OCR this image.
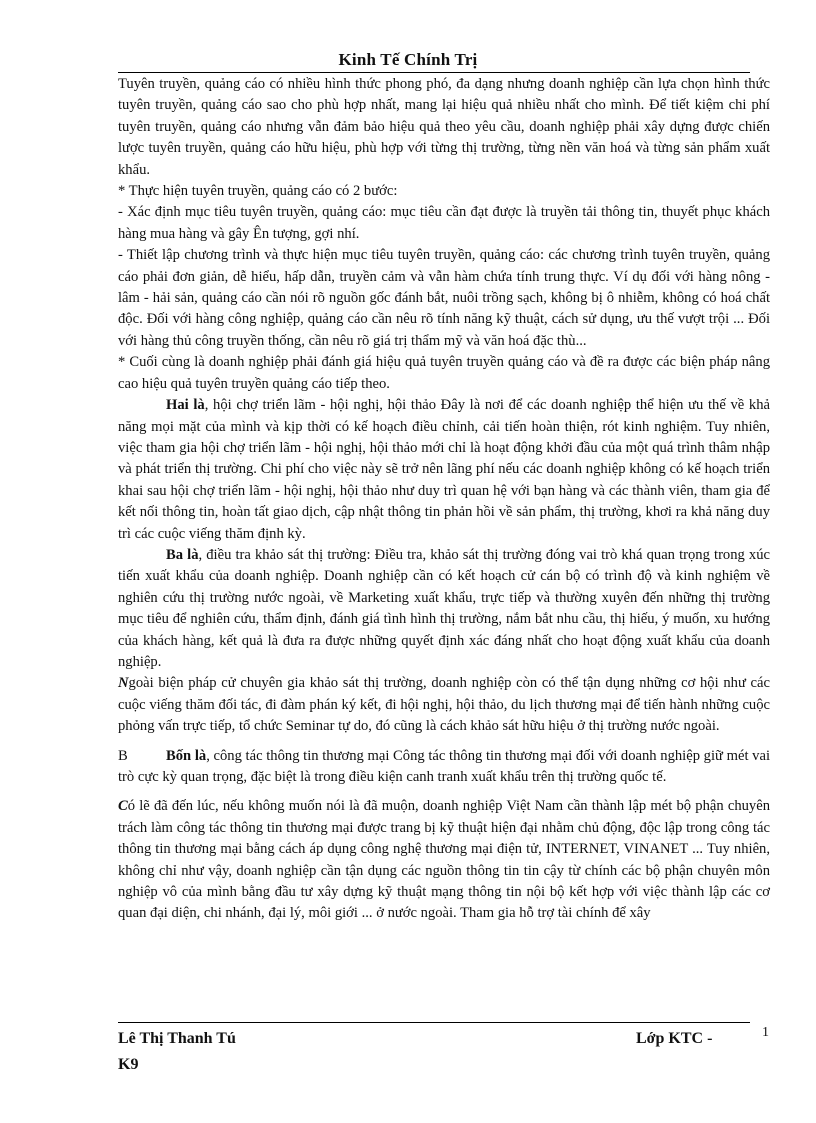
Kinh Tế Chính Trị

Tuyên truyền, quảng cáo có nhiều hình thức phong phó, đa dạng nhưng doanh nghiệp cần lựa chọn hình thức tuyên truyền, quảng cáo sao cho phù hợp nhất, mang lại hiệu quả nhiều nhất cho mình. Để tiết kiệm chi phí tuyên truyền, quảng cáo nhưng vẫn đảm bảo hiệu quả theo yêu cầu, doanh nghiệp phải xây dựng được chiến lược tuyên truyền, quảng cáo hữu hiệu, phù hợp với từng thị trường, từng nền văn hoá và từng sản phẩm xuất khẩu.

* Thực hiện tuyên truyền, quảng cáo có 2 bước:

- Xác định mục tiêu tuyên truyền, quảng cáo: mục tiêu cần đạt được là truyền tải thông tin, thuyết phục khách hàng mua hàng và gây Ên tượng, gợi nhí.

- Thiết lập chương trình và thực hiện mục tiêu tuyên truyền, quảng cáo: các chương trình tuyên truyền, quảng cáo phải đơn giản, dễ hiểu, hấp dẫn, truyền cảm và vẫn hàm chứa tính trung thực. Ví dụ đối với hàng nông - lâm - hải sản, quảng cáo cần nói rõ nguồn gốc đánh bắt, nuôi trồng sạch, không bị ô nhiễm, không có hoá chất độc. Đối với hàng công nghiệp, quảng cáo cần nêu rõ tính năng kỹ thuật, cách sử dụng, ưu thế vượt trội ... Đối với hàng thủ công truyền thống, cần nêu rõ giá trị thẩm mỹ và văn hoá đặc thù...

* Cuối cùng là doanh nghiệp phải đánh giá hiệu quả tuyên truyền quảng cáo và đề ra được các biện pháp nâng cao hiệu quả tuyên truyền quảng cáo tiếp theo.

Hai là, hội chợ triển lãm - hội nghị, hội thảo Đây là nơi để các doanh nghiệp thể hiện ưu thế về khả năng mọi mặt của mình và kịp thời có kế hoạch điều chỉnh, cải tiến hoàn thiện, rót kinh nghiệm. Tuy nhiên, việc tham gia hội chợ triển lãm - hội nghị, hội thảo mới chỉ là hoạt động khởi đầu của một quá trình thâm nhập và phát triển thị trường. Chi phí cho việc này sẽ trở nên lãng phí nếu các doanh nghiệp không có kế hoạch triển khai sau hội chợ triển lãm - hội nghị, hội thảo như duy trì quan hệ với bạn hàng và các thành viên, tham gia để kết nối thông tin, hoàn tất giao dịch, cập nhật thông tin phản hồi về sản phẩm, thị trường, khơi ra khả năng duy trì các cuộc viếng thăm định kỳ.

Ba là, điều tra khảo sát thị trường: Điều tra, khảo sát thị trường đóng vai trò khá quan trọng trong xúc tiến xuất khẩu của doanh nghiệp. Doanh nghiệp cần có kết hoạch cử cán bộ có trình độ và kinh nghiệm về nghiên cứu thị trường nước ngoài, về Marketing xuất khẩu, trực tiếp và thường xuyên đến những thị trường mục tiêu để nghiên cứu, thẩm định, đánh giá tình hình thị trường, nắm bắt nhu cầu, thị hiếu, ý muốn, xu hướng của khách hàng, kết quả là đưa ra được những quyết định xác đáng nhất cho hoạt động xuất khẩu của doanh nghiệp.

Ngoài biện pháp cử chuyên gia khảo sát thị trường, doanh nghiệp còn có thể tận dụng những cơ hội như các cuộc viếng thăm đối tác, đi đàm phán ký kết, đi hội nghị, hội thảo, du lịch thương mại để tiến hành những cuộc phỏng vấn trực tiếp, tổ chức Seminar tự do, đó cũng là cách khảo sát hữu hiệu ở thị trường nước ngoài.

B	Bốn là, công tác thông tin thương mại Công tác thông tin thương mại đối với doanh nghiệp giữ mét vai trò cực kỳ quan trọng, đặc biệt là trong điều kiện canh tranh xuất khẩu trên thị trường quốc tế.

Có lẽ đã đến lúc, nếu không muốn nói là đã muộn, doanh nghiệp Việt Nam cần thành lập mét bộ phận chuyên trách làm công tác thông tin thương mại được trang bị kỹ thuật hiện đại nhằm chủ động, độc lập trong công tác thông tin thương mại bằng cách áp dụng công nghệ thương mại điện tử, INTERNET, VINANET ... Tuy nhiên, không chỉ như vậy, doanh nghiệp cần tận dụng các nguồn thông tin tin cậy từ chính các bộ phận chuyên môn nghiệp vô của mình bằng đầu tư xây dựng kỹ thuật mạng thông tin nội bộ kết hợp với việc thành lập các cơ quan đại diện, chi nhánh, đại lý, môi giới ... ở nước ngoài. Tham gia hỗ trợ tài chính để xây

Lê Thị Thanh Tú
K9
Lớp KTC -	1
